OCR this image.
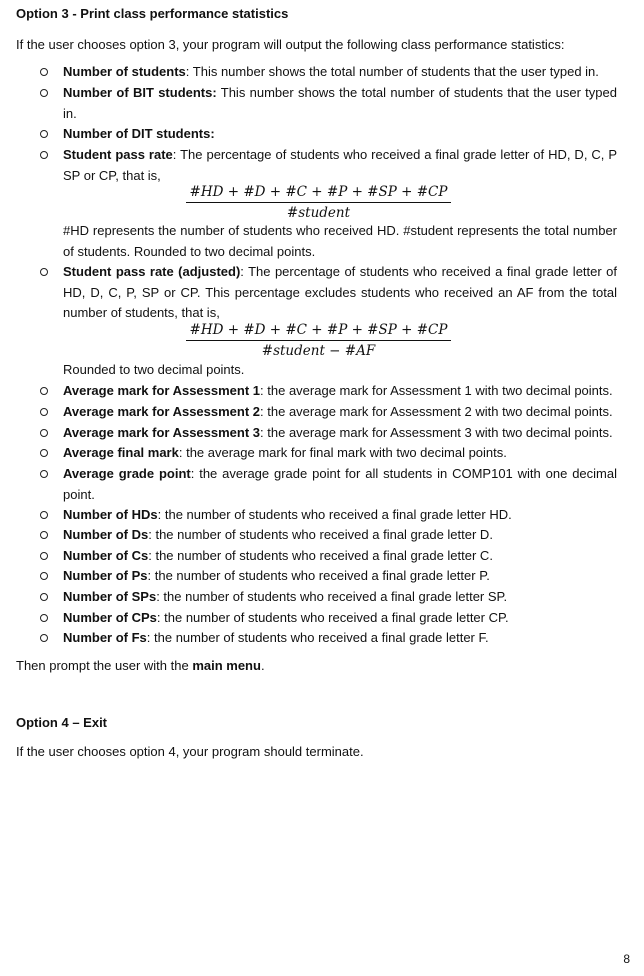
Option 3 - Print class performance statistics
If the user chooses option 3, your program will output the following class performance statistics:
Number of students: This number shows the total number of students that the user typed in.
Number of BIT students: This number shows the total number of students that the user typed in.
Number of DIT students:
Student pass rate: The percentage of students who received a final grade letter of HD, D, C, P SP or CP, that is,
$\frac{\#HD + \#D + \#C + \#P + \#SP + \#CP}{\text{\#student}}$
#HD represents the number of students who received HD. #student represents the total number of students. Rounded to two decimal points.
Student pass rate (adjusted): The percentage of students who received a final grade letter of HD, D, C, P, SP or CP. This percentage excludes students who received an AF from the total number of students, that is,
$\frac{\#HD + \#D + \#C + \#P + \#SP + \#CP}{\text{\#student − \#AF}}$
Rounded to two decimal points.
Average mark for Assessment 1: the average mark for Assessment 1 with two decimal points.
Average mark for Assessment 2: the average mark for Assessment 2 with two decimal points.
Average mark for Assessment 3: the average mark for Assessment 3 with two decimal points.
Average final mark: the average mark for final mark with two decimal points.
Average grade point: the average grade point for all students in COMP101 with one decimal point.
Number of HDs: the number of students who received a final grade letter HD.
Number of Ds: the number of students who received a final grade letter D.
Number of Cs: the number of students who received a final grade letter C.
Number of Ps: the number of students who received a final grade letter P.
Number of SPs: the number of students who received a final grade letter SP.
Number of CPs: the number of students who received a final grade letter CP.
Number of Fs: the number of students who received a final grade letter F.
Then prompt the user with the main menu.
Option 4 – Exit
If the user chooses option 4, your program should terminate.
8
